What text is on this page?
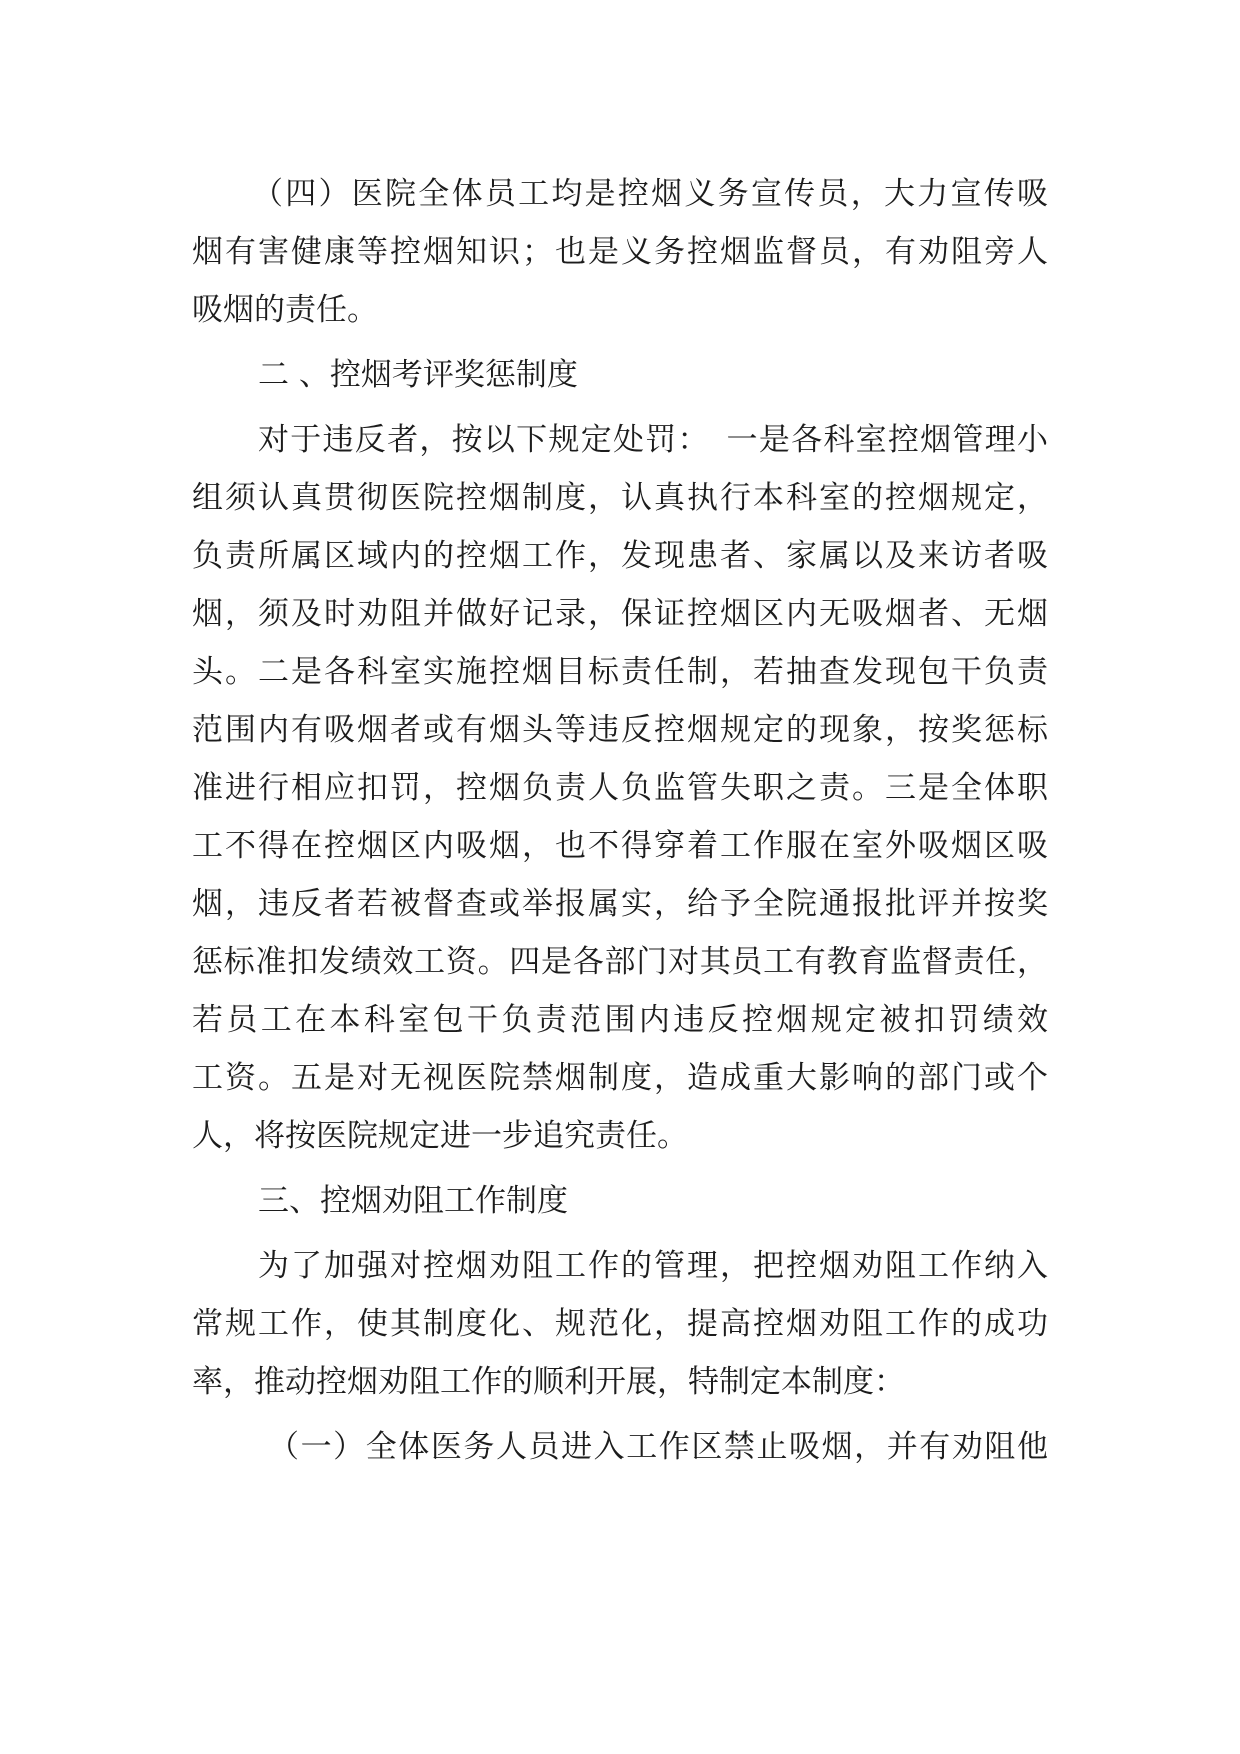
（四）医院全体员工均是控烟义务宣传员，大力宣传吸
烟有害健康等控烟知识；也是义务控烟监督员，有劝阻旁人
吸烟的责任。
二 、控烟考评奖惩制度
对于违反者，按以下规定处罚：　一是各科室控烟管理小
组须认真贯彻医院控烟制度，认真执行本科室的控烟规定，
负责所属区域内的控烟工作，发现患者、家属以及来访者吸
烟，须及时劝阻并做好记录，保证控烟区内无吸烟者、无烟
头。二是各科室实施控烟目标责任制，若抽查发现包干负责
范围内有吸烟者或有烟头等违反控烟规定的现象，按奖惩标
准进行相应扣罚，控烟负责人负监管失职之责。三是全体职
工不得在控烟区内吸烟，也不得穿着工作服在室外吸烟区吸
烟，违反者若被督查或举报属实，给予全院通报批评并按奖
惩标准扣发绩效工资。四是各部门对其员工有教育监督责任，
若员工在本科室包干负责范围内违反控烟规定被扣罚绩效
工资。五是对无视医院禁烟制度，造成重大影响的部门或个
人，将按医院规定进一步追究责任。
三、控烟劝阻工作制度
为了加强对控烟劝阻工作的管理，把控烟劝阻工作纳入
常规工作，使其制度化、规范化，提高控烟劝阻工作的成功
率，推动控烟劝阻工作的顺利开展，特制定本制度：
（一）全体医务人员进入工作区禁止吸烟，并有劝阻他
